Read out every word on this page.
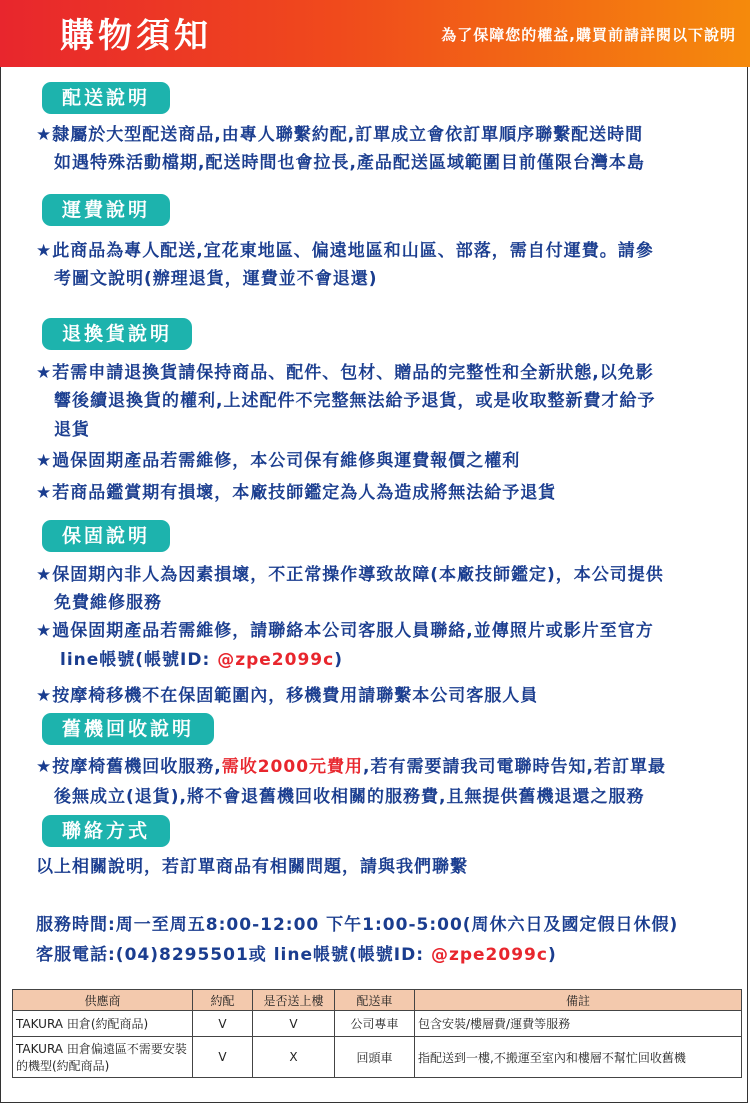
購物須知	為了保障您的權益,購買前請詳閱以下說明
配送說明
★隸屬於大型配送商品,由專人聯繫約配,訂單成立會依訂單順序聯繫配送時間
如遇特殊活動檔期,配送時間也會拉長,產品配送區域範圍目前僅限台灣本島
運費說明
★此商品為專人配送,宜花東地區、偏遠地區和山區、部落，需自付運費。請參
考圖文說明(辦理退貨，運費並不會退還)
退換貨說明
★若需申請退換貨請保持商品、配件、包材、贈品的完整性和全新狀態,以免影
響後續退換貨的權利,上述配件不完整無法給予退貨，或是收取整新費才給予
退貨
★過保固期產品若需維修，本公司保有維修與運費報價之權利
★若商品鑑賞期有損壞，本廠技師鑑定為人為造成將無法給予退貨
保固說明
★保固期內非人為因素損壞，不正常操作導致故障(本廠技師鑑定)，本公司提供
免費維修服務
★過保固期產品若需維修，請聯絡本公司客服人員聯絡,並傳照片或影片至官方
line帳號(帳號ID: @zpe2099c)
★按摩椅移機不在保固範圍內，移機費用請聯繫本公司客服人員
舊機回收說明
★按摩椅舊機回收服務,需收2000元費用,若有需要請我司電聯時告知,若訂單最
後無成立(退貨),將不會退舊機回收相關的服務費,且無提供舊機退還之服務
聯絡方式
以上相關說明，若訂單商品有相關問題，請與我們聯繫
服務時間:周一至周五8:00-12:00 下午1:00-5:00(周休六日及國定假日休假)
客服電話:(04)8295501或 line帳號(帳號ID: @zpe2099c)
供應商	約配	是否送上樓	配送車	備註
TAKURA 田倉(約配商品)	V	V	公司專車	包含安裝/樓層費/運費等服務
TAKURA 田倉偏遠區不需要安裝的機型(約配商品)	V	X	回頭車	指配送到一樓,不搬運至室內和樓層不幫忙回收舊機
